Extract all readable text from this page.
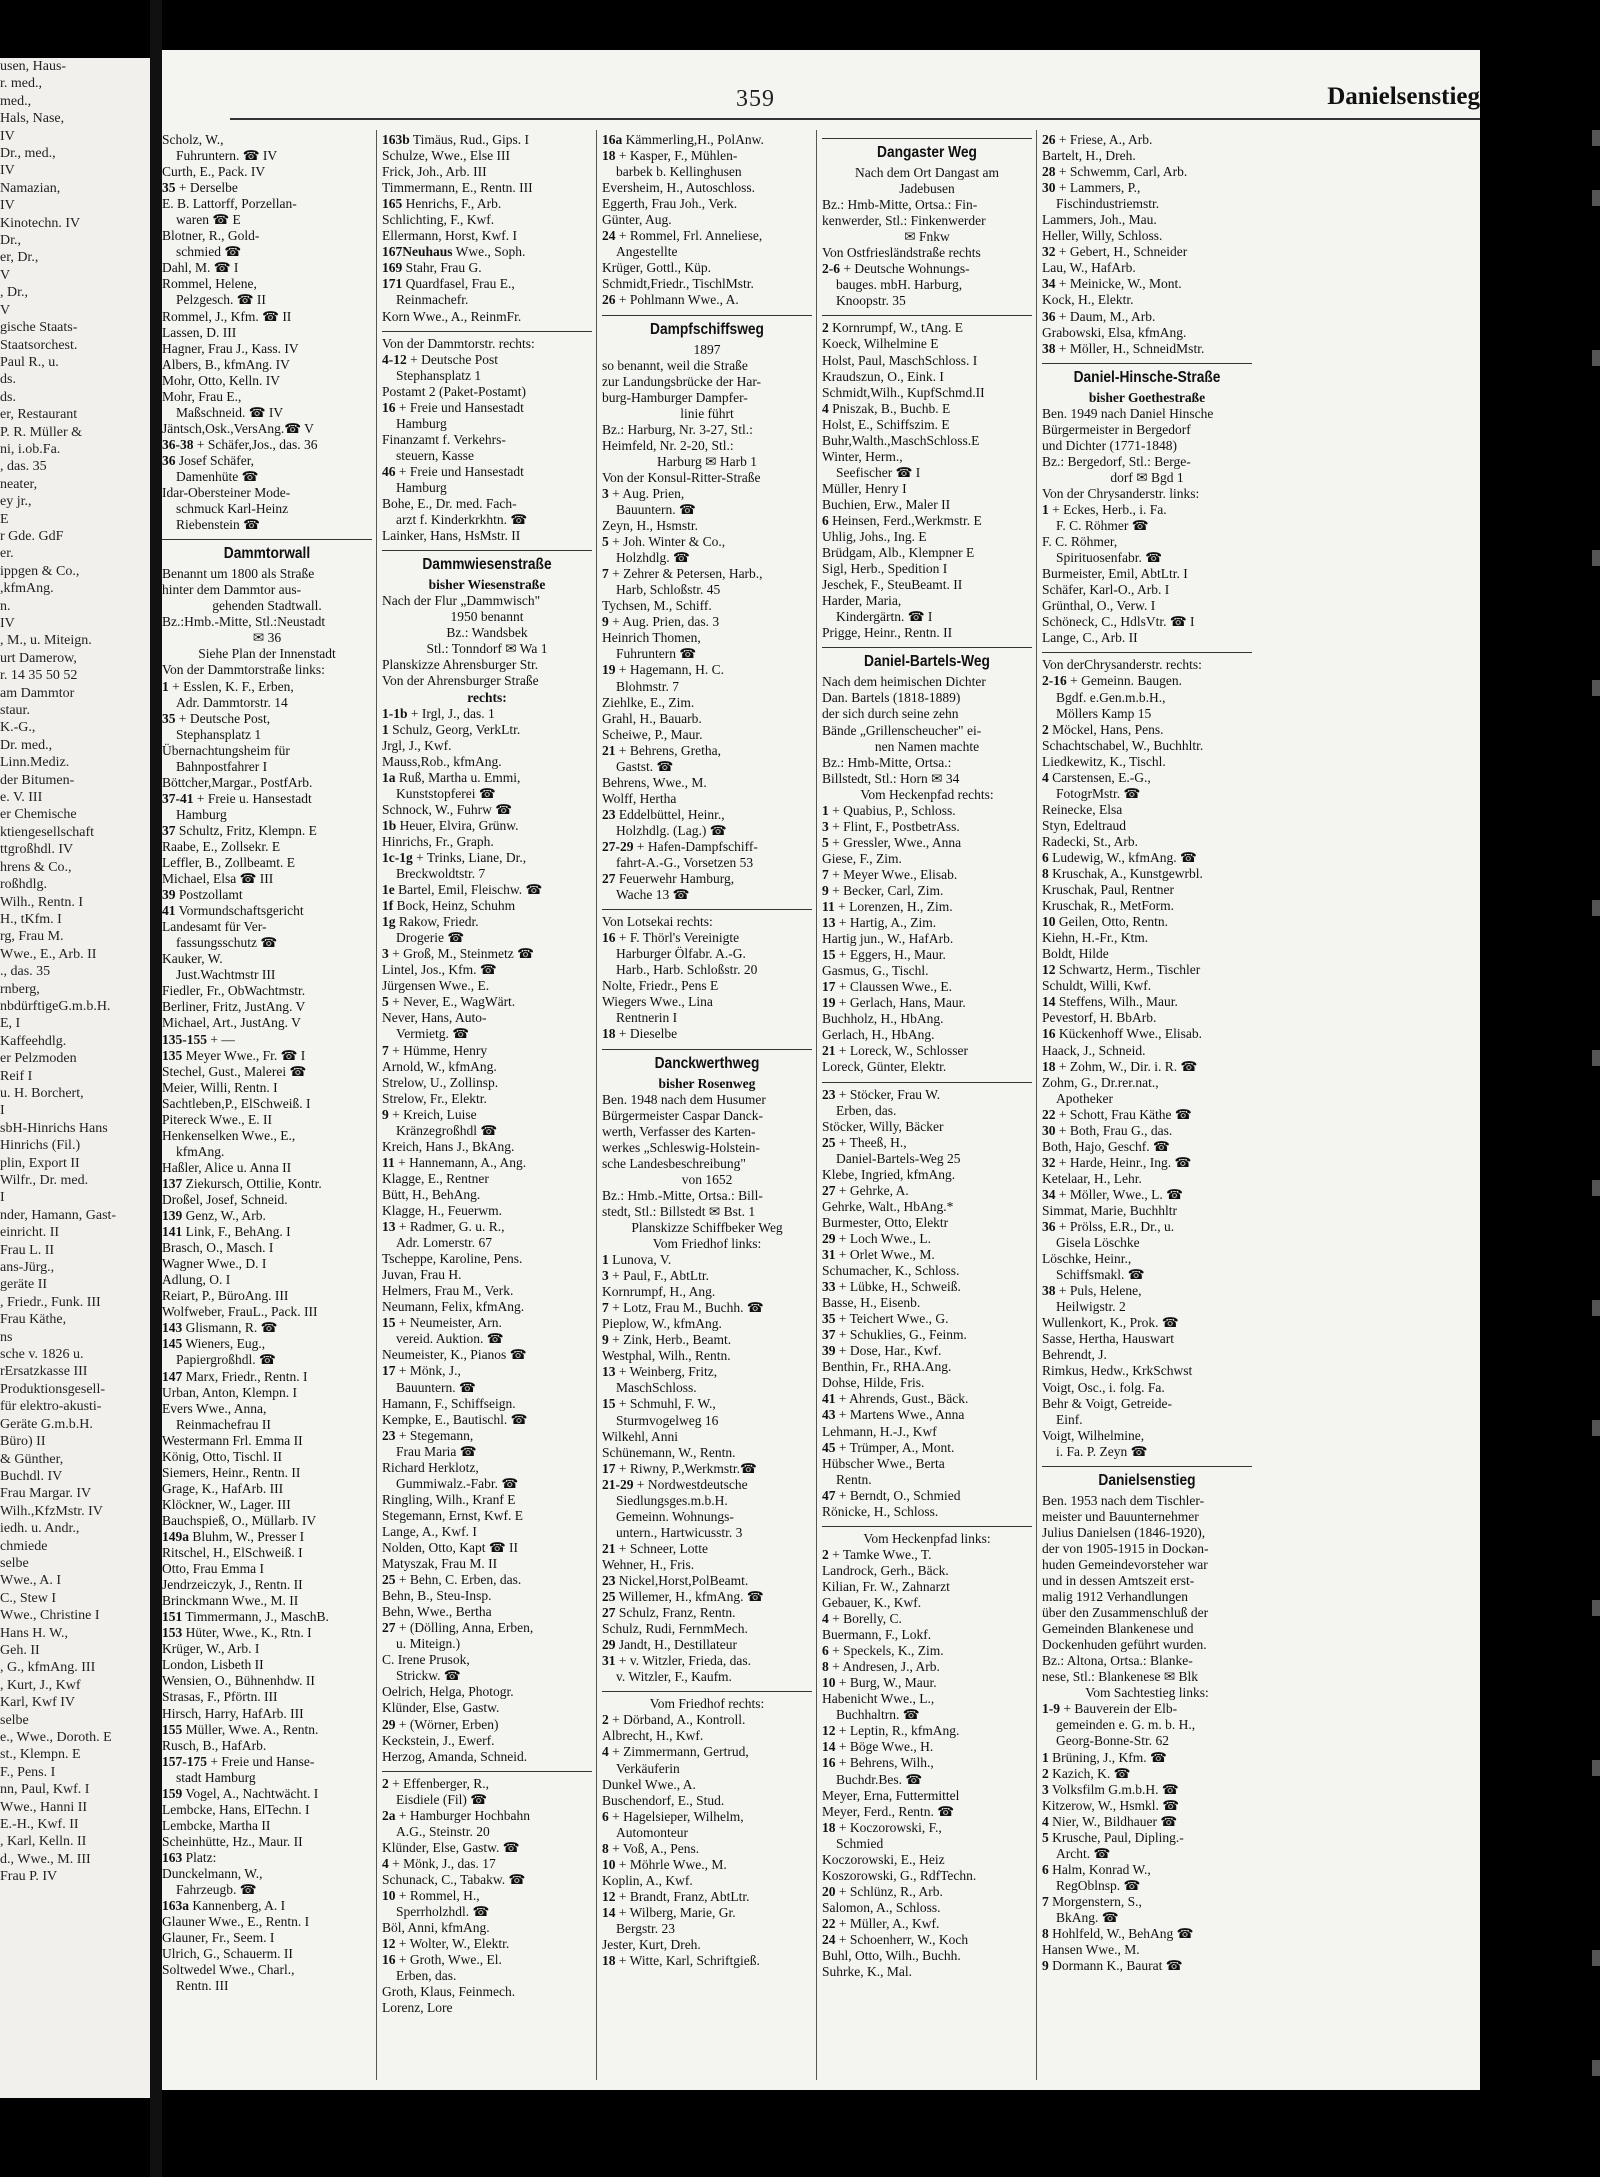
usen, Haus-
r. med.,
med.,
Hals, Nase,
IV
Dr., med.,
IV
Namazian,
IV
Kinotechn. IV
Dr.,
er, Dr.,
V
, Dr.,
V
gische Staats-
Staatsorchest.
Paul R., u.
ds.
ds.
er, Restaurant
P. R. Müller &
ni, i.ob.Fa.
, das. 35
neater,
ey jr.,
E
r Gde. GdF
er.
ippgen & Co.,
,kfmAng.
n.
IV
, M., u. Miteign.
urt Damerow,
r. 14 35 50 52
am Dammtor
staur.
K.-G.,
Dr. med.,
Linn.Mediz.
der Bitumen-
e. V. III
er Chemische
ktiengesellschaft
ttgroßhdl. IV
hrens & Co.,
roßhdlg.
Wilh., Rentn. I
H., tKfm. I
rg, Frau M.
Wwe., E., Arb. II
., das. 35
rnberg,
nbdürftigeG.m.b.H.
E, I
Kaffeehdlg.
er Pelzmoden
Reif I
u. H. Borchert,
I
sbH-Hinrichs Hans
Hinrichs (Fil.)
plin, Export II
Wilfr., Dr. med.
I
nder, Hamann, Gast-
einricht. II
Frau L. II
ans-Jürg.,
geräte II
, Friedr., Funk. III
Frau Käthe,
ns
sche v. 1826 u.
rErsatzkasse III
Produktionsgesell-
für elektro-akusti-
Geräte G.m.b.H.
Büro) II
& Günther,
Buchdl. IV
Frau Margar. IV
Wilh.,KfzMstr. IV
iedh. u. Andr.,
chmiede
selbe
Wwe., A. I
C., Stew I
Wwe., Christine I
Hans H. W.,
Geh. II
, G., kfmAng. III
, Kurt, J., Kwf
Karl, Kwf IV
selbe
e., Wwe., Doroth. E
st., Klempn. E
F., Pens. I
nn, Paul, Kwf. I
Wwe., Hanni II
E.-H., Kwf. II
, Karl, Kelln. II
d., Wwe., M. III
Frau P. IV
359	Danielsenstieg
Scholz, W.,
Fuhruntern. ☎ IV
Curth, E., Pack. IV
35 + Derselbe
E. B. Lattorff, Porzellan-
waren ☎ E
Blotner, R., Gold-
schmied ☎
Dahl, M. ☎ I
Rommel, Helene,
Pelzgesch. ☎ II
Rommel, J., Kfm. ☎ II
Lassen, D. III
Hagner, Frau J., Kass. IV
Albers, B., kfmAng. IV
Mohr, Otto, Kelln. IV
Mohr, Frau E.,
Maßschneid. ☎ IV
Jäntsch,Osk.,VersAng.☎ V
36-38 + Schäfer,Jos., das. 36
36 Josef Schäfer,
Damenhüte ☎
Idar-Obersteiner Mode-
schmuck Karl-Heinz
Riebenstein ☎
Dammtorwall
Benannt um 1800 als Straße
hinter dem Dammtor aus-
gehenden Stadtwall.
Bz.:Hmb.-Mitte, Stl.:Neustadt
✉ 36
Siehe Plan der Innenstadt
Von der Dammtorstraße links:
1 + Esslen, K. F., Erben,
Adr. Dammtorstr. 14
35 + Deutsche Post,
Stephansplatz 1
Übernachtungsheim für
Bahnpostfahrer I
Böttcher,Margar., PostfArb.
37-41 + Freie u. Hansestadt
Hamburg
37 Schultz, Fritz, Klempn. E
Raabe, E., Zollsekr. E
Leffler, B., Zollbeamt. E
Michael, Elsa ☎ III
39 Postzollamt
41 Vormundschaftsgericht
Landesamt für Ver-
fassungsschutz ☎
Kauker, W.
Just.Wachtmstr III
Fiedler, Fr., ObWachtmstr.
Berliner, Fritz, JustAng. V
Michael, Art., JustAng. V
135-155 + —
135 Meyer Wwe., Fr. ☎ I
Stechel, Gust., Malerei ☎
Meier, Willi, Rentn. I
Sachtleben,P., ElSchweiß. I
Pitereck Wwe., E. II
Henkenselken Wwe., E.,
kfmAng.
Haßler, Alice u. Anna II
137 Ziekursch, Ottilie, Kontr.
Droßel, Josef, Schneid.
139 Genz, W., Arb.
141 Link, F., BehAng. I
Brasch, O., Masch. I
Wagner Wwe., D. I
Adlung, O. I
Reiart, P., BüroAng. III
Wolfweber, FrauL., Pack. III
143 Glismann, R. ☎
145 Wieners, Eug.,
Papiergroßhdl. ☎
147 Marx, Friedr., Rentn. I
Urban, Anton, Klempn. I
Evers Wwe., Anna,
Reinmachefrau II
Westermann Frl. Emma II
König, Otto, Tischl. II
Siemers, Heinr., Rentn. II
Grage, K., HafArb. III
Klöckner, W., Lager. III
Bauchspieß, O., Müllarb. IV
149a Bluhm, W., Presser I
Ritschel, H., ElSchweiß. I
Otto, Frau Emma I
Jendrzeiczyk, J., Rentn. II
Brinckmann Wwe., M. II
151 Timmermann, J., MaschB.
153 Hüter, Wwe., K., Rtn. I
Krüger, W., Arb. I
London, Lisbeth II
Wensien, O., Bühnenhdw. II
Strasas, F., Pförtn. III
Hirsch, Harry, HafArb. III
155 Müller, Wwe. A., Rentn.
Rusch, B., HafArb.
157-175 + Freie und Hanse-
stadt Hamburg
159 Vogel, A., Nachtwächt. I
Lembcke, Hans, ElTechn. I
Lembcke, Martha II
Scheinhütte, Hz., Maur. II
163 Platz:
Dunckelmann, W.,
Fahrzeugb. ☎
163a Kannenberg, A. I
Glauner Wwe., E., Rentn. I
Glauner, Fr., Seem. I
Ulrich, G., Schauerm. II
Soltwedel Wwe., Charl.,
Rentn. III
163b Timäus, Rud., Gips. I
Schulze, Wwe., Else III
Frick, Joh., Arb. III
Timmermann, E., Rentn. III
165 Henrichs, F., Arb.
Schlichting, F., Kwf.
Ellermann, Horst, Kwf. I
167Neuhaus Wwe., Soph.
169 Stahr, Frau G.
171 Quardfasel, Frau E.,
Reinmachefr.
Korn Wwe., A., ReinmFr.
Von der Dammtorstr. rechts:
4-12 + Deutsche Post
Stephansplatz 1
Postamt 2 (Paket-Postamt)
16 + Freie und Hansestadt
Hamburg
Finanzamt f. Verkehrs-
steuern, Kasse
46 + Freie und Hansestadt
Hamburg
Bohe, E., Dr. med. Fach-
arzt f. Kinderkrkhtn. ☎
Lainker, Hans, HsMstr. II
Dammwiesenstraße
bisher Wiesenstraße
Nach der Flur „Dammwisch"
1950 benannt
Bz.: Wandsbek
Stl.: Tonndorf ✉ Wa 1
Planskizze Ahrensburger Str.
Von der Ahrensburger Straße
rechts:
1-1b + Irgl, J., das. 1
1 Schulz, Georg, VerkLtr.
Jrgl, J., Kwf.
Mauss,Rob., kfmAng.
1a Ruß, Martha u. Emmi,
Kunststopferei ☎
Schnock, W., Fuhrw ☎
1b Heuer, Elvira, Grünw.
Hinrichs, Fr., Graph.
1c-1g + Trinks, Liane, Dr.,
Breckwoldtstr. 7
1e Bartel, Emil, Fleischw. ☎
1f Bock, Heinz, Schuhm
1g Rakow, Friedr.
Drogerie ☎
3 + Groß, M., Steinmetz ☎
Lintel, Jos., Kfm. ☎
Jürgensen Wwe., E.
5 + Never, E., WagWärt.
Never, Hans, Auto-
Vermietg. ☎
7 + Hümme, Henry
Arnold, W., kfmAng.
Strelow, U., Zollinsp.
Strelow, Fr., Elektr.
9 + Kreich, Luise
Kränzegroßhdl ☎
Kreich, Hans J., BkAng.
11 + Hannemann, A., Ang.
Klagge, E., Rentner
Bütt, H., BehAng.
Klagge, H., Feuerwm.
13 + Radmer, G. u. R.,
Adr. Lomerstr. 67
Tscheppe, Karoline, Pens.
Juvan, Frau H.
Helmers, Frau M., Verk.
Neumann, Felix, kfmAng.
15 + Neumeister, Arn.
vereid. Auktion. ☎
Neumeister, K., Pianos ☎
17 + Mönk, J.,
Bauuntern. ☎
Hamann, F., Schiffseign.
Kempke, E., Bautischl. ☎
23 + Stegemann,
Frau Maria ☎
Richard Herklotz,
Gummiwalz.-Fabr. ☎
Ringling, Wilh., Kranf E
Stegemann, Ernst, Kwf. E
Lange, A., Kwf. I
Nolden, Otto, Kapt ☎ II
Matyszak, Frau M. II
25 + Behn, C. Erben, das.
Behn, B., Steu-Insp.
Behn, Wwe., Bertha
27 + (Dölling, Anna, Erben,
u. Miteign.)
C. Irene Prusok,
Strickw. ☎
Oelrich, Helga, Photogr.
Klünder, Else, Gastw.
29 + (Wörner, Erben)
Keckstein, J., Ewerf.
Herzog, Amanda, Schneid.
2 + Effenberger, R.,
Eisdiele (Fil) ☎
2a + Hamburger Hochbahn
A.G., Steinstr. 20
Klünder, Else, Gastw. ☎
4 + Mönk, J., das. 17
Schunack, C., Tabakw. ☎
10 + Rommel, H.,
Sperrholzhdl. ☎
Böl, Anni, kfmAng.
12 + Wolter, W., Elektr.
16 + Groth, Wwe., El.
Erben, das.
Groth, Klaus, Feinmech.
Lorenz, Lore
16a Kämmerling,H., PolAnw.
18 + Kasper, F., Mühlen-
barbek b. Kellinghusen
Eversheim, H., Autoschloss.
Eggerth, Frau Joh., Verk.
Günter, Aug.
24 + Rommel, Frl. Anneliese,
Angestellte
Krüger, Gottl., Küp.
Schmidt,Friedr., TischlMstr.
26 + Pohlmann Wwe., A.
Dampfschiffsweg
1897
so benannt, weil die Straße
zur Landungsbrücke der Har-
burg-Hamburger Dampfer-
linie führt
Bz.: Harburg, Nr. 3-27, Stl.:
Heimfeld, Nr. 2-20, Stl.:
Harburg ✉ Harb 1
Von der Konsul-Ritter-Straße
3 + Aug. Prien,
Bauuntern. ☎
Zeyn, H., Hsmstr.
5 + Joh. Winter & Co.,
Holzhdlg. ☎
7 + Zehrer & Petersen, Harb.,
Harb, Schloßstr. 45
Tychsen, M., Schiff.
9 + Aug. Prien, das. 3
Heinrich Thomen,
Fuhruntern ☎
19 + Hagemann, H. C.
Blohmstr. 7
Ziehlke, E., Zim.
Grahl, H., Bauarb.
Scheiwe, P., Maur.
21 + Behrens, Gretha,
Gastst. ☎
Behrens, Wwe., M.
Wolff, Hertha
23 Eddelbüttel, Heinr.,
Holzhdlg. (Lag.) ☎
27-29 + Hafen-Dampfschiff-
fahrt-A.-G., Vorsetzen 53
27 Feuerwehr Hamburg,
Wache 13 ☎
Von Lotsekai rechts:
16 + F. Thörl's Vereinigte
Harburger Ölfabr. A.-G.
Harb., Harb. Schloßstr. 20
Nolte, Friedr., Pens E
Wiegers Wwe., Lina
Rentnerin I
18 + Dieselbe
Danckwerthweg
bisher Rosenweg
Ben. 1948 nach dem Husumer
Bürgermeister Caspar Danck-
werth, Verfasser des Karten-
werkes „Schleswig-Holstein-
sche Landesbeschreibung"
von 1652
Bz.: Hmb.-Mitte, Ortsa.: Bill-
stedt, Stl.: Billstedt ✉ Bst. 1
Planskizze Schiffbeker Weg
Vom Friedhof links:
1 Lunova, V.
3 + Paul, F., AbtLtr.
Kornrumpf, H., Ang.
7 + Lotz, Frau M., Buchh. ☎
Pieplow, W., kfmAng.
9 + Zink, Herb., Beamt.
Westphal, Wilh., Rentn.
13 + Weinberg, Fritz,
MaschSchloss.
15 + Schmuhl, F. W.,
Sturmvogelweg 16
Wilkehl, Anni
Schünemann, W., Rentn.
17 + Riwny, P.,Werkmstr.☎
21-29 + Nordwestdeutsche
Siedlungsges.m.b.H.
Gemeinn. Wohnungs-
untern., Hartwicusstr. 3
21 + Schneer, Lotte
Wehner, H., Fris.
23 Nickel,Horst,PolBeamt.
25 Willemer, H., kfmAng. ☎
27 Schulz, Franz, Rentn.
Schulz, Rudi, FernmMech.
29 Jandt, H., Destillateur
31 + v. Witzler, Frieda, das.
v. Witzler, F., Kaufm.
Vom Friedhof rechts:
2 + Dörband, A., Kontroll.
Albrecht, H., Kwf.
4 + Zimmermann, Gertrud,
Verkäuferin
Dunkel Wwe., A.
Buschendorf, E., Stud.
6 + Hagelsieper, Wilhelm,
Automonteur
8 + Voß, A., Pens.
10 + Möhrle Wwe., M.
Koplin, A., Kwf.
12 + Brandt, Franz, AbtLtr.
14 + Wilberg, Marie, Gr.
Bergstr. 23
Jester, Kurt, Dreh.
18 + Witte, Karl, Schriftgieß.
Dangaster Weg
Nach dem Ort Dangast am
Jadebusen
Bz.: Hmb-Mitte, Ortsa.: Fin-
kenwerder, Stl.: Finkenwerder
✉ Fnkw
Von Ostfriesländstraße rechts
2-6 + Deutsche Wohnungs-
bauges. mbH. Harburg,
Knoopstr. 35
2 Kornrumpf, W., tAng. E
Koeck, Wilhelmine E
Holst, Paul, MaschSchloss. I
Kraudszun, O., Eink. I
Schmidt,Wilh., KupfSchmd.II
4 Pniszak, B., Buchb. E
Holst, E., Schiffszim. E
Buhr,Walth.,MaschSchloss.E
Winter, Herm.,
Seefischer ☎ I
Müller, Henry I
Buchien, Erw., Maler II
6 Heinsen, Ferd.,Werkmstr. E
Uhlig, Johs., Ing. E
Brüdgam, Alb., Klempner E
Sigl, Herb., Spedition I
Jeschek, F., SteuBeamt. II
Harder, Maria,
Kindergärtn. ☎ I
Prigge, Heinr., Rentn. II
Daniel-Bartels-Weg
Nach dem heimischen Dichter
Dan. Bartels (1818-1889)
der sich durch seine zehn
Bände „Grillenscheucher" ei-
nen Namen machte
Bz.: Hmb-Mitte, Ortsa.:
Billstedt, Stl.: Horn ✉ 34
Vom Heckenpfad rechts:
1 + Quabius, P., Schloss.
3 + Flint, F., PostbetrAss.
5 + Gressler, Wwe., Anna
Giese, F., Zim.
7 + Meyer Wwe., Elisab.
9 + Becker, Carl, Zim.
11 + Lorenzen, H., Zim.
13 + Hartig, A., Zim.
Hartig jun., W., HafArb.
15 + Eggers, H., Maur.
Gasmus, G., Tischl.
17 + Claussen Wwe., E.
19 + Gerlach, Hans, Maur.
Buchholz, H., HbAng.
Gerlach, H., HbAng.
21 + Loreck, W., Schlosser
Loreck, Günter, Elektr.
23 + Stöcker, Frau W.
Erben, das.
Stöcker, Willy, Bäcker
25 + Theeß, H.,
Daniel-Bartels-Weg 25
Klebe, Ingried, kfmAng.
27 + Gehrke, A.
Gehrke, Walt., HbAng.*
Burmester, Otto, Elektr
29 + Loch Wwe., L.
31 + Orlet Wwe., M.
Schumacher, K., Schloss.
33 + Lübke, H., Schweiß.
Basse, H., Eisenb.
35 + Teichert Wwe., G.
37 + Schuklies, G., Feinm.
39 + Dose, Har., Kwf.
Benthin, Fr., RHA.Ang.
Dohse, Hilde, Fris.
41 + Ahrends, Gust., Bäck.
43 + Martens Wwe., Anna
Lehmann, H.-J., Kwf
45 + Trümper, A., Mont.
Hübscher Wwe., Berta
Rentn.
47 + Berndt, O., Schmied
Rönicke, H., Schloss.
Vom Heckenpfad links:
2 + Tamke Wwe., T.
Landrock, Gerh., Bäck.
Kilian, Fr. W., Zahnarzt
Gebauer, K., Kwf.
4 + Borelly, C.
Buermann, F., Lokf.
6 + Speckels, K., Zim.
8 + Andresen, J., Arb.
10 + Burg, W., Maur.
Habenicht Wwe., L.,
Buchhaltrn. ☎
12 + Leptin, R., kfmAng.
14 + Böge Wwe., H.
16 + Behrens, Wilh.,
Buchdr.Bes. ☎
Meyer, Erna, Futtermittel
Meyer, Ferd., Rentn. ☎
18 + Koczorowski, F.,
Schmied
Koczorowski, E., Heiz
Koszorowski, G., RdfTechn.
20 + Schlünz, R., Arb.
Salomon, A., Schloss.
22 + Müller, A., Kwf.
24 + Schoenherr, W., Koch
Buhl, Otto, Wilh., Buchh.
Suhrke, K., Mal.
26 + Friese, A., Arb.
Bartelt, H., Dreh.
28 + Schwemm, Carl, Arb.
30 + Lammers, P.,
Fischindustriemstr.
Lammers, Joh., Mau.
Heller, Willy, Schloss.
32 + Gebert, H., Schneider
Lau, W., HafArb.
34 + Meinicke, W., Mont.
Kock, H., Elektr.
36 + Daum, M., Arb.
Grabowski, Elsa, kfmAng.
38 + Möller, H., SchneidMstr.
Daniel-Hinsche-Straße
bisher Goethestraße
Ben. 1949 nach Daniel Hinsche
Bürgermeister in Bergedorf
und Dichter (1771-1848)
Bz.: Bergedorf, Stl.: Berge-
dorf ✉ Bgd 1
Von der Chrysanderstr. links:
1 + Eckes, Herb., i. Fa.
F. C. Röhmer ☎
F. C. Röhmer,
Spirituosenfabr. ☎
Burmeister, Emil, AbtLtr. I
Schäfer, Karl-O., Arb. I
Grünthal, O., Verw. I
Schöneck, C., HdlsVtr. ☎ I
Lange, C., Arb. II
Von derChrysanderstr. rechts:
2-16 + Gemeinn. Baugen.
Bgdf. e.Gen.m.b.H.,
Möllers Kamp 15
2 Möckel, Hans, Pens.
Schachtschabel, W., Buchhltr.
Liedkewitz, K., Tischl.
4 Carstensen, E.-G.,
FotogrMstr. ☎
Reinecke, Elsa
Styn, Edeltraud
Radecki, St., Arb.
6 Ludewig, W., kfmAng. ☎
8 Kruschak, A., Kunstgewrbl.
Kruschak, Paul, Rentner
Kruschak, R., MetForm.
10 Geilen, Otto, Rentn.
Kiehn, H.-Fr., Ktm.
Boldt, Hilde
12 Schwartz, Herm., Tischler
Schuldt, Willi, Kwf.
14 Steffens, Wilh., Maur.
Pevestorf, H. BbArb.
16 Kückenhoff Wwe., Elisab.
Haack, J., Schneid.
18 + Zohm, W., Dir. i. R. ☎
Zohm, G., Dr.rer.nat.,
Apotheker
22 + Schott, Frau Käthe ☎
30 + Both, Frau G., das.
Both, Hajo, Geschf. ☎
32 + Harde, Heinr., Ing. ☎
Ketelaar, H., Lehr.
34 + Möller, Wwe., L. ☎
Simmat, Marie, Buchhltr
36 + Prölss, E.R., Dr., u.
Gisela Löschke
Löschke, Heinr.,
Schiffsmakl. ☎
38 + Puls, Helene,
Heilwigstr. 2
Wullenkort, K., Prok. ☎
Sasse, Hertha, Hauswart
Behrendt, J.
Rimkus, Hedw., KrkSchwst
Voigt, Osc., i. folg. Fa.
Behr & Voigt, Getreide-
Einf.
Voigt, Wilhelmine,
i. Fa. P. Zeyn ☎
Danielsenstieg
Ben. 1953 nach dem Tischler-
meister und Bauunternehmer
Julius Danielsen (1846-1920),
der von 1905-1915 in Dockən-
huden Gemeindevorsteher war
und in dessen Amtszeit erst-
malig 1912 Verhandlungen
über den Zusammenschluß der
Gemeinden Blankenese und
Dockenhuden geführt wurden.
Bz.: Altona, Ortsa.: Blanke-
nese, Stl.: Blankenese ✉ Blk
Vom Sachtestieg links:
1-9 + Bauverein der Elb-
gemeinden e. G. m. b. H.,
Georg-Bonne-Str. 62
1 Brüning, J., Kfm. ☎
2 Kazich, K. ☎
3 Volksfilm G.m.b.H. ☎
Kitzerow, W., Hsmkl. ☎
4 Nier, W., Bildhauer ☎
5 Krusche, Paul, Dipling.-
Archt. ☎
6 Halm, Konrad W.,
RegOblnsp. ☎
7 Morgenstern, S.,
BkAng. ☎
8 Hohlfeld, W., BehAng ☎
Hansen Wwe., M.
9 Dormann K., Baurat ☎
